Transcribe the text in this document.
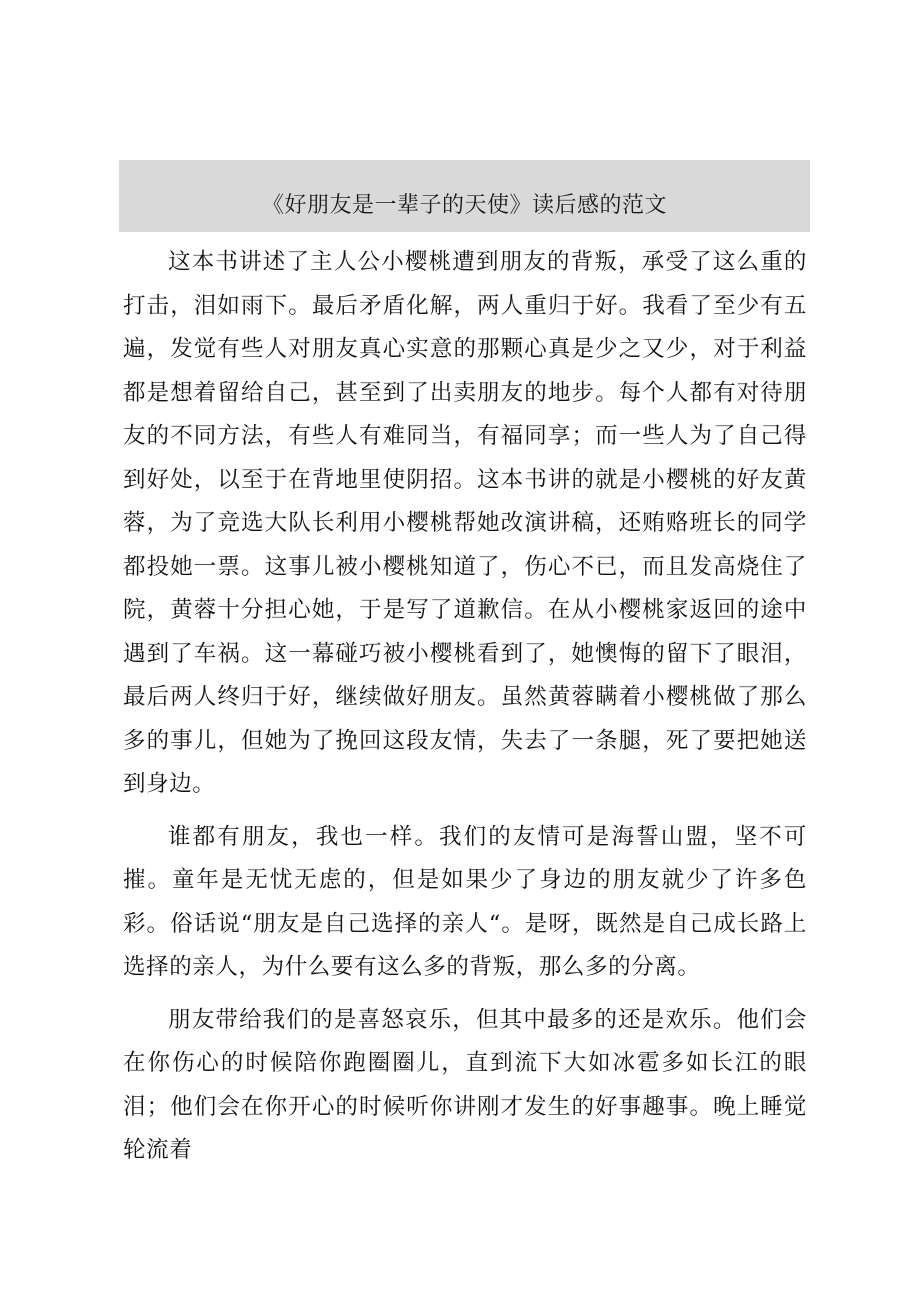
《好朋友是一辈子的天使》读后感的范文

这本书讲述了主人公小樱桃遭到朋友的背叛，承受了这么重的打击，泪如雨下。最后矛盾化解，两人重归于好。我看了至少有五遍，发觉有些人对朋友真心实意的那颗心真是少之又少，对于利益都是想着留给自己，甚至到了出卖朋友的地步。每个人都有对待朋友的不同方法，有些人有难同当，有福同享；而一些人为了自己得到好处，以至于在背地里使阴招。这本书讲的就是小樱桃的好友黄蓉，为了竞选大队长利用小樱桃帮她改演讲稿，还贿赂班长的同学都投她一票。这事儿被小樱桃知道了，伤心不已，而且发高烧住了院，黄蓉十分担心她，于是写了道歉信。在从小樱桃家返回的途中遇到了车祸。这一幕碰巧被小樱桃看到了，她懊悔的留下了眼泪，最后两人终归于好，继续做好朋友。虽然黄蓉瞒着小樱桃做了那么多的事儿，但她为了挽回这段友情，失去了一条腿，死了要把她送到身边。

谁都有朋友，我也一样。我们的友情可是海誓山盟，坚不可摧。童年是无忧无虑的，但是如果少了身边的朋友就少了许多色彩。俗话说“朋友是自己选择的亲人“。是呀，既然是自己成长路上选择的亲人，为什么要有这么多的背叛，那么多的分离。

朋友带给我们的是喜怒哀乐，但其中最多的还是欢乐。他们会在你伤心的时候陪你跑圈圈儿，直到流下大如冰雹多如长江的眼泪；他们会在你开心的时候听你讲刚才发生的好事趣事。晚上睡觉轮流着
